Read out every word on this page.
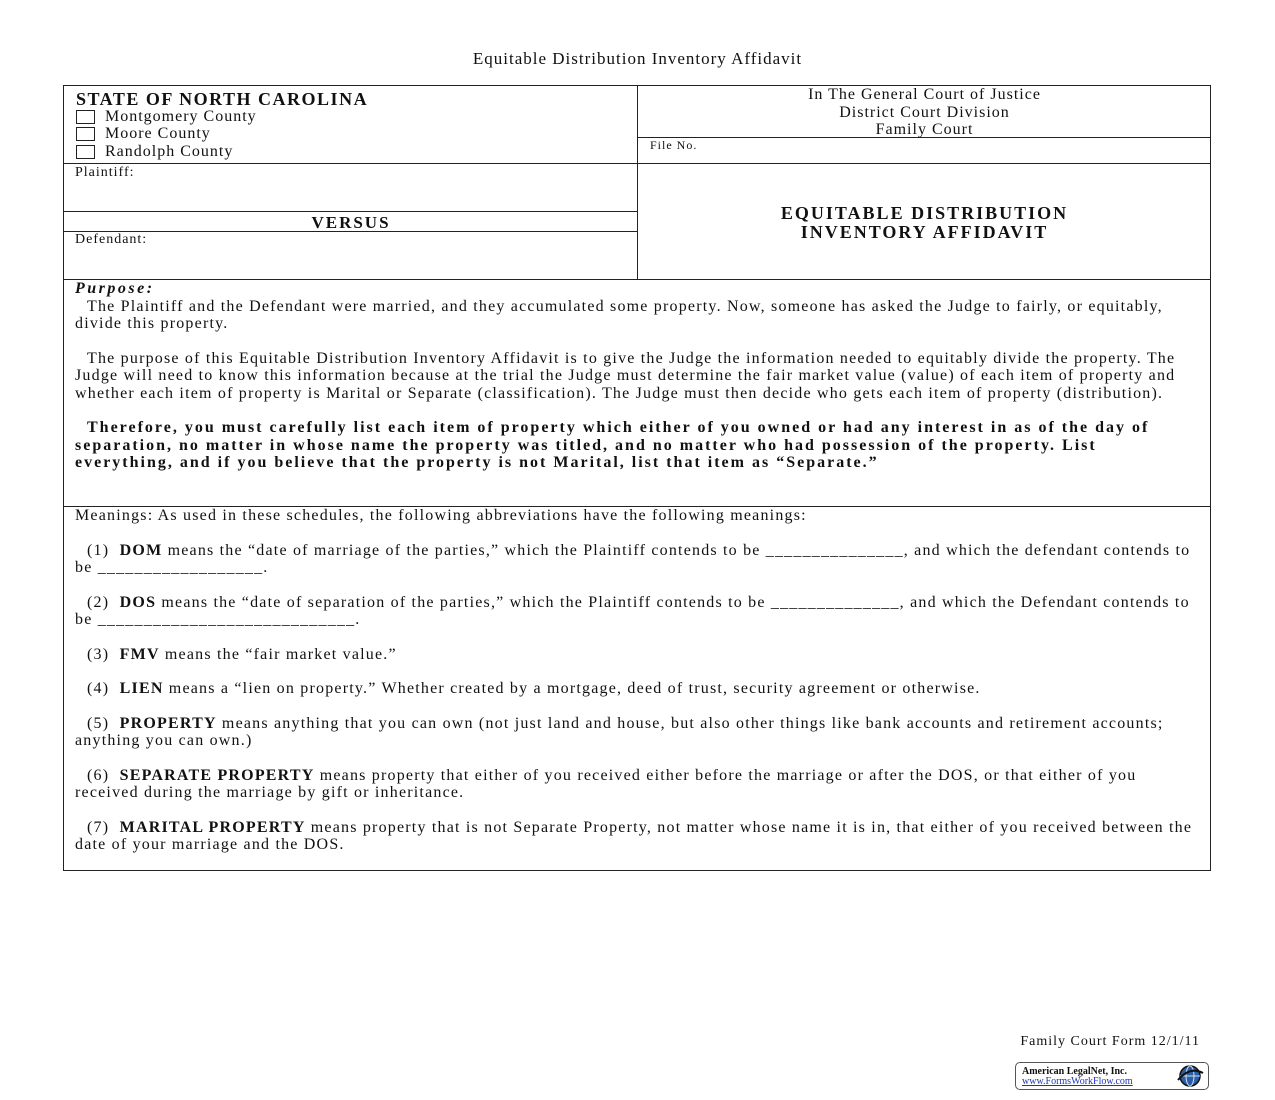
Equitable Distribution Inventory Affidavit
STATE OF NORTH CAROLINA
Montgomery County
Moore County
Randolph County
In The General Court of Justice
District Court Division
Family Court
File No.
Plaintiff:
VERSUS
Defendant:
EQUITABLE DISTRIBUTION
INVENTORY AFFIDAVIT
Purpose:
The Plaintiff and the Defendant were married, and they accumulated some property. Now, someone has asked the Judge to fairly, or equitably, divide this property.
The purpose of this Equitable Distribution Inventory Affidavit is to give the Judge the information needed to equitably divide the property. The Judge will need to know this information because at the trial the Judge must determine the fair market value (value) of each item of property and whether each item of property is Marital or Separate (classification). The Judge must then decide who gets each item of property (distribution).
Therefore, you must carefully list each item of property which either of you owned or had any interest in as of the day of separation, no matter in whose name the property was titled, and no matter who had possession of the property. List everything, and if you believe that the property is not Marital, list that item as “Separate.”
Meanings: As used in these schedules, the following abbreviations have the following meanings:
(1) DOM means the “date of marriage of the parties,” which the Plaintiff contends to be _______________, and which the defendant contends to be __________________.
(2) DOS means the “date of separation of the parties,” which the Plaintiff contends to be ______________, and which the Defendant contends to be ____________________________.
(3) FMV means the “fair market value.”
(4) LIEN means a “lien on property.” Whether created by a mortgage, deed of trust, security agreement or otherwise.
(5) PROPERTY means anything that you can own (not just land and house, but also other things like bank accounts and retirement accounts; anything you can own.)
(6) SEPARATE PROPERTY means property that either of you received either before the marriage or after the DOS, or that either of you received during the marriage by gift or inheritance.
(7) MARITAL PROPERTY means property that is not Separate Property, not matter whose name it is in, that either of you received between the date of your marriage and the DOS.
Family Court Form 12/1/11
American LegalNet, Inc.
www.FormsWorkFlow.com
